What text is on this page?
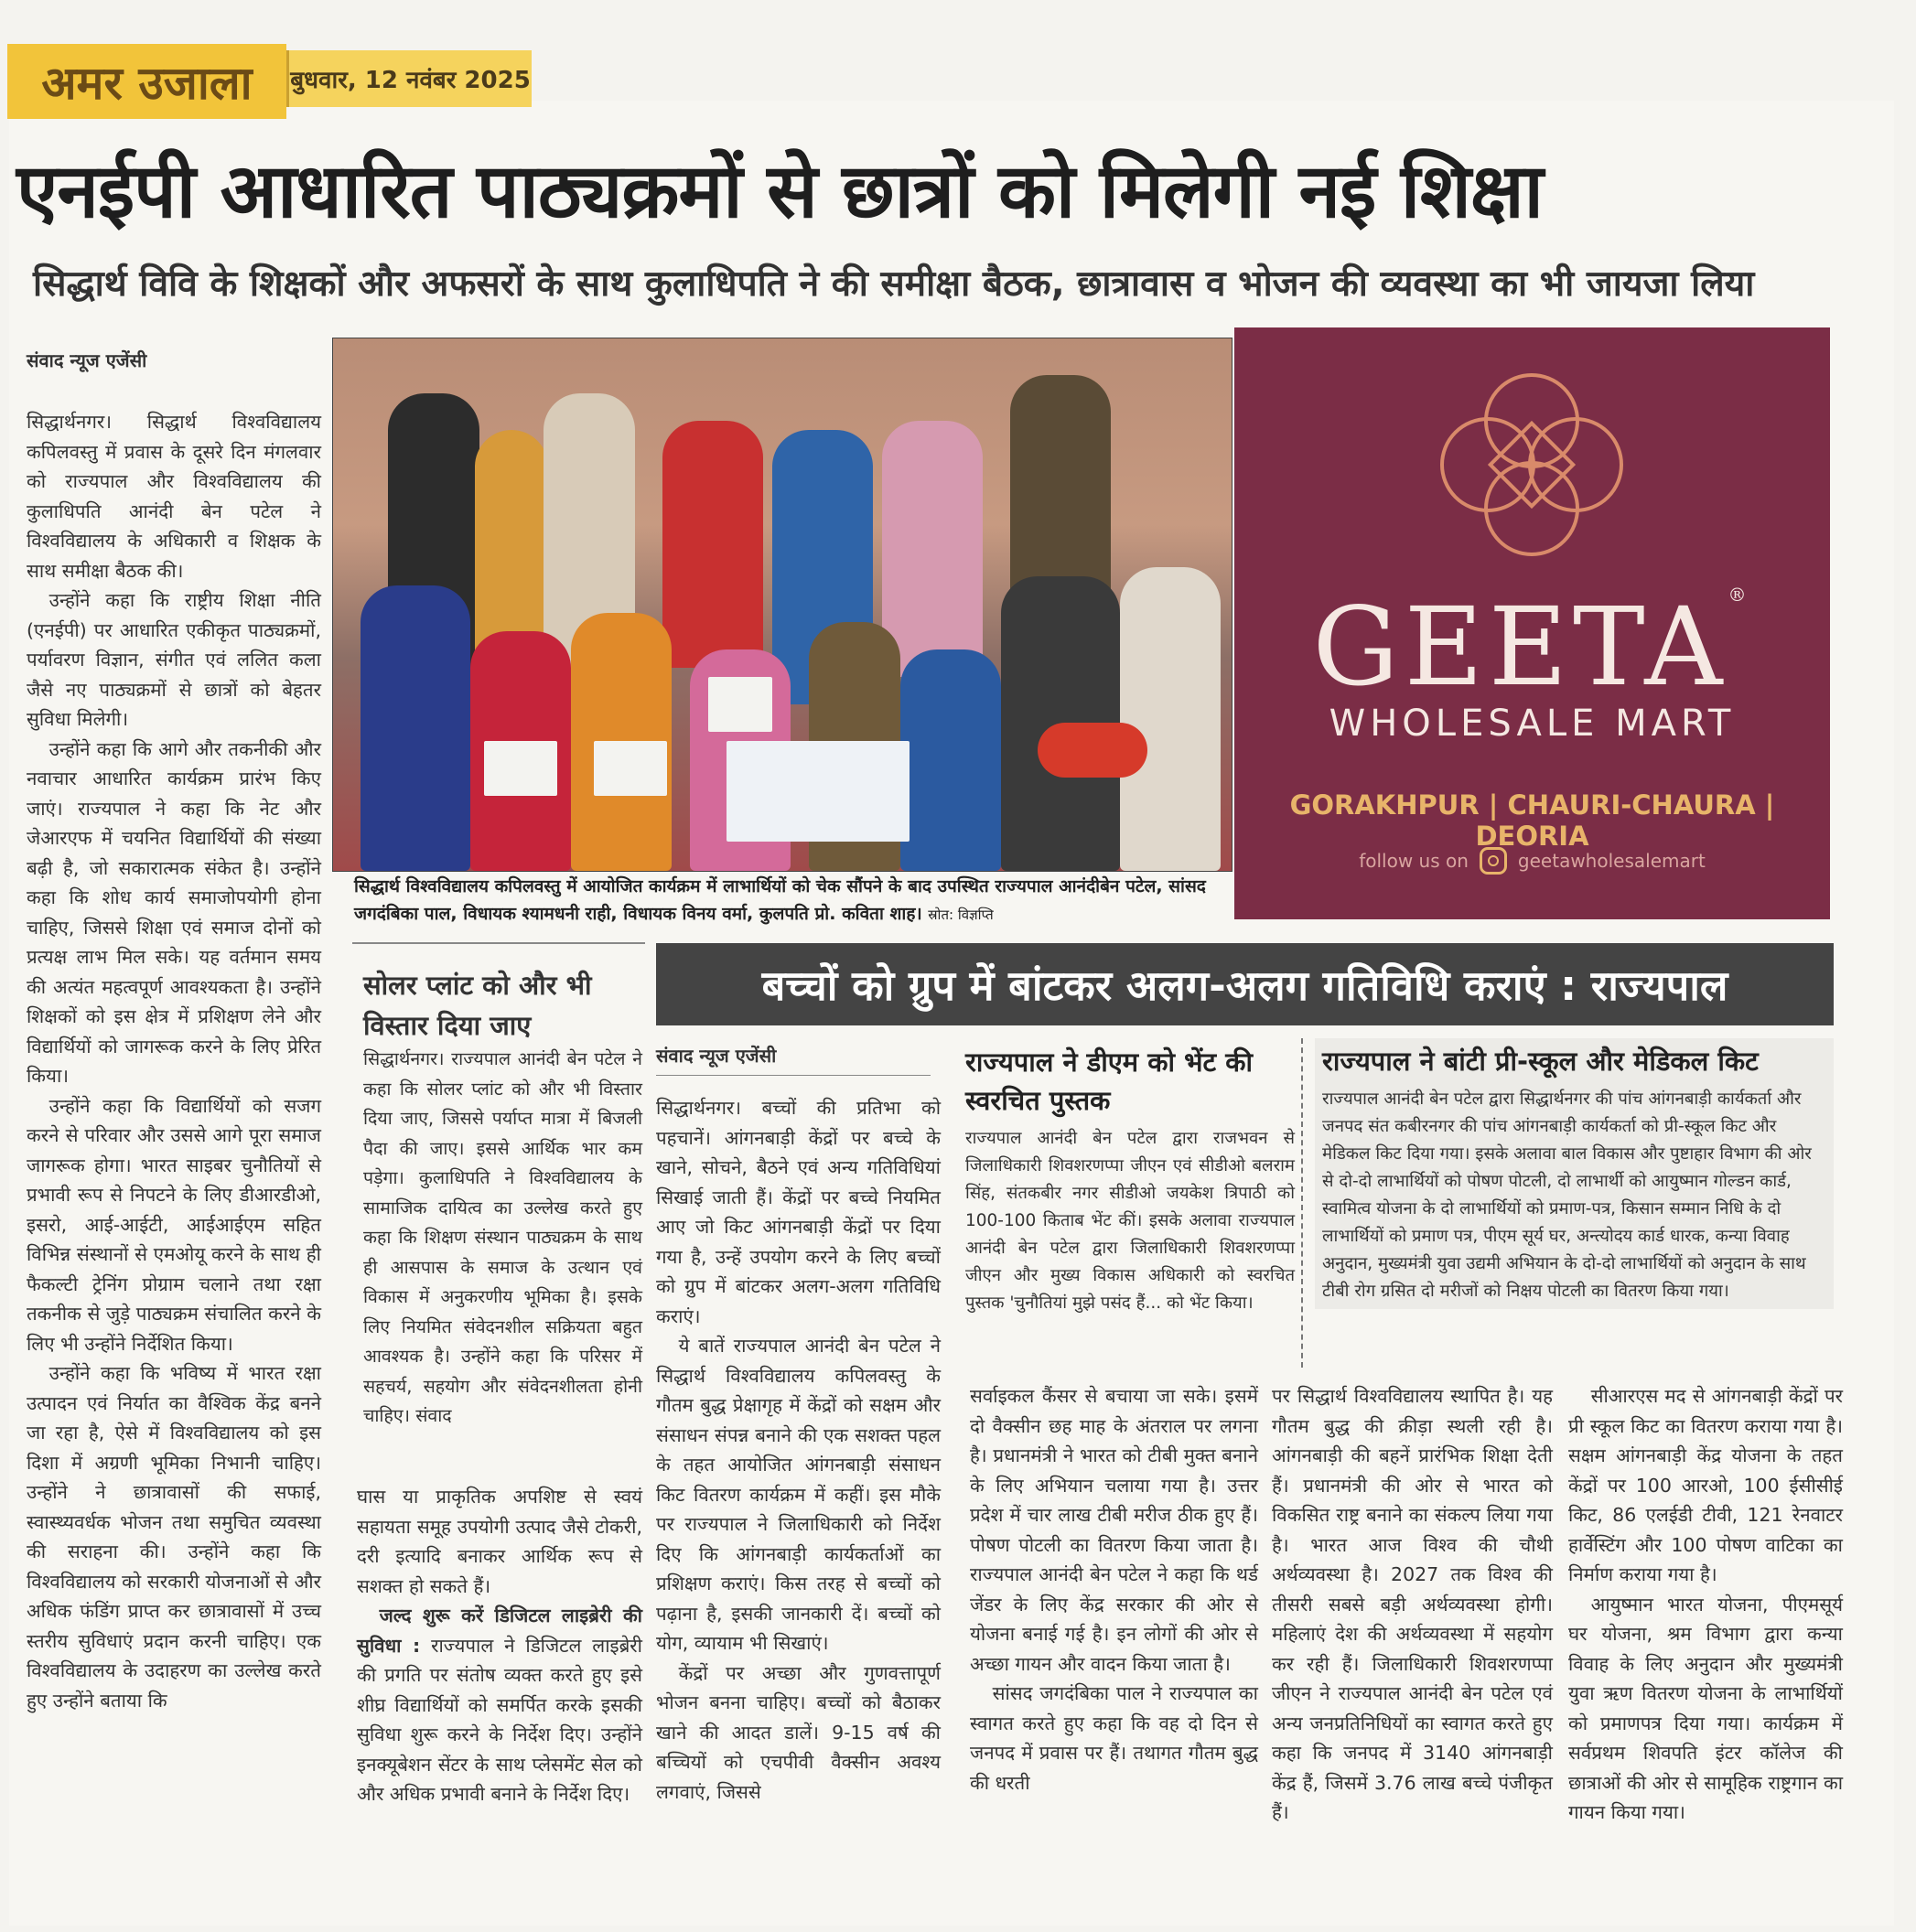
अमर उजाला	बुधवार, 12 नवंबर 2025
एनईपी आधारित पाठ्यक्रमों से छात्रों को मिलेगी नई शिक्षा
सिद्धार्थ विवि के शिक्षकों और अफसरों के साथ कुलाधिपति ने की समीक्षा बैठक, छात्रावास व भोजन की व्यवस्था का भी जायजा लिया
संवाद न्यूज एजेंसी

सिद्धार्थनगर। सिद्धार्थ विश्वविद्यालय कपिलवस्तु में प्रवास के दूसरे दिन मंगलवार को राज्यपाल और विश्वविद्यालय की कुलाधिपति आनंदी बेन पटेल ने विश्वविद्यालय के अधिकारी व शिक्षक के साथ समीक्षा बैठक की।

उन्होंने कहा कि राष्ट्रीय शिक्षा नीति (एनईपी) पर आधारित एकीकृत पाठ्यक्रमों, पर्यावरण विज्ञान, संगीत एवं ललित कला जैसे नए पाठ्यक्रमों से छात्रों को बेहतर सुविधा मिलेगी।

उन्होंने कहा कि आगे और तकनीकी और नवाचार आधारित कार्यक्रम प्रारंभ किए जाएं। राज्यपाल ने कहा कि नेट और जेआरएफ में चयनित विद्यार्थियों की संख्या बढ़ी है, जो सकारात्मक संकेत है। उन्होंने कहा कि शोध कार्य समाजोपयोगी होना चाहिए, जिससे शिक्षा एवं समाज दोनों को प्रत्यक्ष लाभ मिल सके। यह वर्तमान समय की अत्यंत महत्वपूर्ण आवश्यकता है। उन्होंने शिक्षकों को इस क्षेत्र में प्रशिक्षण लेने और विद्यार्थियों को जागरूक करने के लिए प्रेरित किया।

उन्होंने कहा कि विद्यार्थियों को सजग करने से परिवार और उससे आगे पूरा समाज जागरूक होगा। भारत साइबर चुनौतियों से प्रभावी रूप से निपटने के लिए डीआरडीओ, इसरो, आई-आईटी, आईआईएम सहित विभिन्न संस्थानों से एमओयू करने के साथ ही फैकल्टी ट्रेनिंग प्रोग्राम चलाने तथा रक्षा तकनीक से जुड़े पाठ्यक्रम संचालित करने के लिए भी उन्होंने निर्देशित किया।

उन्होंने कहा कि भविष्य में भारत रक्षा उत्पादन एवं निर्यात का वैश्विक केंद्र बनने जा रहा है, ऐसे में विश्वविद्यालय को इस दिशा में अग्रणी भूमिका निभानी चाहिए। उन्होंने ने छात्रावासों की सफाई, स्वास्थ्यवर्धक भोजन तथा समुचित व्यवस्था की सराहना की। उन्होंने कहा कि विश्वविद्यालय को सरकारी योजनाओं से और अधिक फंडिंग प्राप्त कर छात्रावासों में उच्च स्तरीय सुविधाएं प्रदान करनी चाहिए। एक विश्वविद्यालय के उदाहरण का उल्लेख करते हुए उन्होंने बताया कि

सिद्धार्थ विश्वविद्यालय कपिलवस्तु में आयोजित कार्यक्रम में लाभार्थियों को चेक सौंपने के बाद उपस्थित राज्यपाल आनंदीबेन पटेल, सांसद जगदंबिका पाल, विधायक श्यामधनी राही, विधायक विनय वर्मा, कुलपति प्रो. कविता शाह। स्रोत: विज्ञप्ति
GEETA®
WHOLESALE MART
GORAKHPUR | CHAURI-CHAURA | DEORIA
follow us on	geetawholesalemart
सोलर प्लांट को और भी विस्तार दिया जाए

सिद्धार्थनगर। राज्यपाल आनंदी बेन पटेल ने कहा कि सोलर प्लांट को और भी विस्तार दिया जाए, जिससे पर्याप्त मात्रा में बिजली पैदा की जाए। इससे आर्थिक भार कम पड़ेगा। कुलाधिपति ने विश्वविद्यालय के सामाजिक दायित्व का उल्लेख करते हुए कहा कि शिक्षण संस्थान पाठ्यक्रम के साथ ही आसपास के समाज के उत्थान एवं विकास में अनुकरणीय भूमिका है। इसके लिए नियमित संवेदनशील सक्रियता बहुत आवश्यक है। उन्होंने कहा कि परिसर में सहचर्य, सहयोग और संवेदनशीलता होनी चाहिए। संवाद

घास या प्राकृतिक अपशिष्ट से स्वयं सहायता समूह उपयोगी उत्पाद जैसे टोकरी, दरी इत्यादि बनाकर आर्थिक रूप से सशक्त हो सकते हैं।

जल्द शुरू करें डिजिटल लाइब्रेरी की सुविधा : राज्यपाल ने डिजिटल लाइब्रेरी की प्रगति पर संतोष व्यक्त करते हुए इसे शीघ्र विद्यार्थियों को समर्पित करके इसकी सुविधा शुरू करने के निर्देश दिए। उन्होंने इनक्यूबेशन सेंटर के साथ प्लेसमेंट सेल को और अधिक प्रभावी बनाने के निर्देश दिए।

बच्चों को ग्रुप में बांटकर अलग-अलग गतिविधि कराएं : राज्यपाल
संवाद न्यूज एजेंसी

सिद्धार्थनगर। बच्चों की प्रतिभा को पहचानें। आंगनबाड़ी केंद्रों पर बच्चे के खाने, सोचने, बैठने एवं अन्य गतिविधियां सिखाई जाती हैं। केंद्रों पर बच्चे नियमित आए जो किट आंगनबाड़ी केंद्रों पर दिया गया है, उन्हें उपयोग करने के लिए बच्चों को ग्रुप में बांटकर अलग-अलग गतिविधि कराएं।

ये बातें राज्यपाल आनंदी बेन पटेल ने सिद्धार्थ विश्वविद्यालय कपिलवस्तु के गौतम बुद्ध प्रेक्षागृह में केंद्रों को सक्षम और संसाधन संपन्न बनाने की एक सशक्त पहल के तहत आयोजित आंगनबाड़ी संसाधन किट वितरण कार्यक्रम में कहीं। इस मौके पर राज्यपाल ने जिलाधिकारी को निर्देश दिए कि आंगनबाड़ी कार्यकर्ताओं का प्रशिक्षण कराएं। किस तरह से बच्चों को पढ़ाना है, इसकी जानकारी दें। बच्चों को योग, व्यायाम भी सिखाएं।

केंद्रों पर अच्छा और गुणवत्तापूर्ण भोजन बनना चाहिए। बच्चों को बैठाकर खाने की आदत डालें। 9-15 वर्ष की बच्चियों को एचपीवी वैक्सीन अवश्य लगवाएं, जिससे

राज्यपाल ने डीएम को भेंट की स्वरचित पुस्तक
राज्यपाल आनंदी बेन पटेल द्वारा राजभवन से जिलाधिकारी शिवशरणप्पा जीएन एवं सीडीओ बलराम सिंह, संतकबीर नगर सीडीओ जयकेश त्रिपाठी को 100-100 किताब भेंट कीं। इसके अलावा राज्यपाल आनंदी बेन पटेल द्वारा जिलाधिकारी शिवशरणप्पा जीएन और मुख्य विकास अधिकारी को स्वरचित पुस्तक 'चुनौतियां मुझे पसंद हैं... को भेंट किया।
राज्यपाल ने बांटी प्री-स्कूल और मेडिकल किट
राज्यपाल आनंदी बेन पटेल द्वारा सिद्धार्थनगर की पांच आंगनबाड़ी कार्यकर्ता और जनपद संत कबीरनगर की पांच आंगनबाड़ी कार्यकर्ता को प्री-स्कूल किट और मेडिकल किट दिया गया। इसके अलावा बाल विकास और पुष्टाहार विभाग की ओर से दो-दो लाभार्थियों को पोषण पोटली, दो लाभार्थी को आयुष्मान गोल्डन कार्ड, स्वामित्व योजना के दो लाभार्थियों को प्रमाण-पत्र, किसान सम्मान निधि के दो लाभार्थियों को प्रमाण पत्र, पीएम सूर्य घर, अन्त्योदय कार्ड धारक, कन्या विवाह अनुदान, मुख्यमंत्री युवा उद्यमी अभियान के दो-दो लाभार्थियों को अनुदान के साथ टीबी रोग ग्रसित दो मरीजों को निक्षय पोटली का वितरण किया गया।

सर्वाइकल कैंसर से बचाया जा सके। इसमें दो वैक्सीन छह माह के अंतराल पर लगना है। प्रधानमंत्री ने भारत को टीबी मुक्त बनाने के लिए अभियान चलाया गया है। उत्तर प्रदेश में चार लाख टीबी मरीज ठीक हुए हैं। पोषण पोटली का वितरण किया जाता है। राज्यपाल आनंदी बेन पटेल ने कहा कि थर्ड जेंडर के लिए केंद्र सरकार की ओर से योजना बनाई गई है। इन लोगों की ओर से अच्छा गायन और वादन किया जाता है।

सांसद जगदंबिका पाल ने राज्यपाल का स्वागत करते हुए कहा कि वह दो दिन से जनपद में प्रवास पर हैं। तथागत गौतम बुद्ध की धरती

पर सिद्धार्थ विश्वविद्यालय स्थापित है। यह गौतम बुद्ध की क्रीड़ा स्थली रही है। आंगनबाड़ी की बहनें प्रारंभिक शिक्षा देती हैं। प्रधानमंत्री की ओर से भारत को विकसित राष्ट्र बनाने का संकल्प लिया गया है। भारत आज विश्व की चौथी अर्थव्यवस्था है। 2027 तक विश्व की तीसरी सबसे बड़ी अर्थव्यवस्था होगी। महिलाएं देश की अर्थव्यवस्था में सहयोग कर रही हैं। जिलाधिकारी शिवशरणप्पा जीएन ने राज्यपाल आनंदी बेन पटेल एवं अन्य जनप्रतिनिधियों का स्वागत करते हुए कहा कि जनपद में 3140 आंगनबाड़ी केंद्र हैं, जिसमें 3.76 लाख बच्चे पंजीकृत हैं।

सीआरएस मद से आंगनबाड़ी केंद्रों पर प्री स्कूल किट का वितरण कराया गया है। सक्षम आंगनबाड़ी केंद्र योजना के तहत केंद्रों पर 100 आरओ, 100 ईसीसीई किट, 86 एलईडी टीवी, 121 रेनवाटर हार्वेस्टिंग और 100 पोषण वाटिका का निर्माण कराया गया है।

आयुष्मान भारत योजना, पीएमसूर्य घर योजना, श्रम विभाग द्वारा कन्या विवाह के लिए अनुदान और मुख्यमंत्री युवा ऋण वितरण योजना के लाभार्थियों को प्रमाणपत्र दिया गया। कार्यक्रम में सर्वप्रथम शिवपति इंटर कॉलेज की छात्राओं की ओर से सामूहिक राष्ट्रगान का गायन किया गया।
